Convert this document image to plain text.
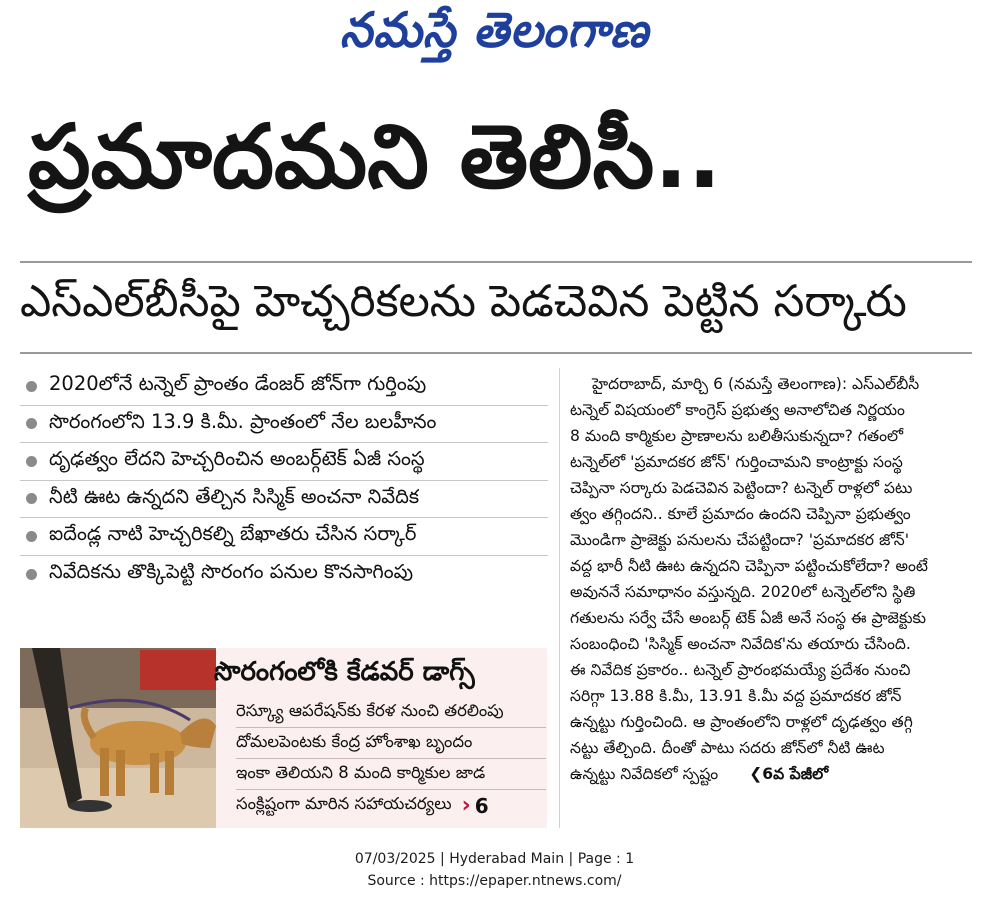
నమస్తే తెలంగాణ
ప్రమాదమని తెలిసీ..
ఎస్‌ఎల్‌బీసీపై హెచ్చరికలను పెడచెవిన పెట్టిన సర్కారు
2020లోనే టన్నెల్ ప్రాంతం డేంజర్ జోన్‌గా గుర్తింపు
సొరంగంలోని 13.9 కి.మీ. ప్రాంతంలో నేల బలహీనం
దృఢత్వం లేదని హెచ్చరించిన అంబర్గ్‌టెక్ ఏజీ సంస్థ
నీటి ఊట ఉన్నదని తేల్చిన సిస్మిక్ అంచనా నివేదిక
ఐదేండ్ల నాటి హెచ్చరికల్ని బేఖాతరు చేసిన సర్కార్
నివేదికను తొక్కిపెట్టి సొరంగం పనుల కొనసాగింపు
సొరంగంలోకి కేడవర్ డాగ్స్
రెస్క్యూ ఆపరేషన్‌కు కేరళ నుంచి తరలింపు
దోమలపెంటకు కేంద్ర హోంశాఖ బృందం
ఇంకా తెలియని 8 మంది కార్మికుల జాడ
సంక్లిష్టంగా మారిన సహాయచర్యలు › 6
హైదరాబాద్, మార్చి 6 (నమస్తే తెలంగాణ): ఎస్‌ఎల్‌బీసీ
టన్నెల్ విషయంలో కాంగ్రెస్ ప్రభుత్వ అనాలోచిత నిర్ణయం
8 మంది కార్మికుల ప్రాణాలను బలితీసుకున్నదా? గతంలో
టన్నెల్‌లో 'ప్రమాదకర జోన్' గుర్తించామని కాంట్రాక్టు సంస్థ
చెప్పినా సర్కారు పెడచెవిన పెట్టిందా? టన్నెల్ రాళ్లలో పటు
త్వం తగ్గిందని.. కూలే ప్రమాదం ఉందని చెప్పినా ప్రభుత్వం
మొండిగా ప్రాజెక్టు పనులను చేపట్టిందా? 'ప్రమాదకర జోన్'
వద్ద భారీ నీటి ఊట ఉన్నదని చెప్పినా పట్టించుకోలేదా? అంటే
అవుననే సమాధానం వస్తున్నది. 2020లో టన్నెల్‌లోని స్థితి
గతులను సర్వే చేసే అంబర్గ్ టెక్ ఏజీ అనే సంస్థ ఈ ప్రాజెక్టుకు
సంబంధించి 'సిస్మిక్ అంచనా నివేదిక'ను తయారు చేసింది.
ఈ నివేదిక ప్రకారం.. టన్నెల్ ప్రారంభమయ్యే ప్రదేశం నుంచి
సరిగ్గా 13.88 కి.మీ, 13.91 కి.మీ వద్ద ప్రమాదకర జోన్
ఉన్నట్టు గుర్తించింది. ఆ ప్రాంతంలోని రాళ్లలో దృఢత్వం తగ్గి
నట్టు తేల్చింది. దీంతో పాటు సదరు జోన్‌లో నీటి ఊట
ఉన్నట్టు నివేదికలో స్పష్టం ❮6వ పేజీలో
07/03/2025 | Hyderabad Main | Page : 1
Source : https://epaper.ntnews.com/
